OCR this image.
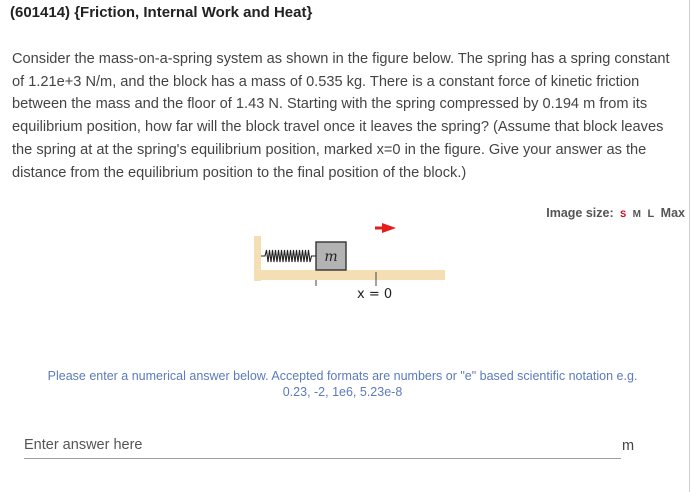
(601414) {Friction, Internal Work and Heat}

Consider the mass-on-a-spring system as shown in the figure below. The spring has a spring constant of 1.21e+3 N/m, and the block has a mass of 0.535 kg. There is a constant force of kinetic friction between the mass and the floor of 1.43 N. Starting with the spring compressed by 0.194 m from its equilibrium position, how far will the block travel once it leaves the spring? (Assume that block leaves the spring at at the spring's equilibrium position, marked x=0 in the figure. Give your answer as the distance from the equilibrium position to the final position of the block.)

Image size: S M L Max
m
x = 0
Please enter a numerical answer below. Accepted formats are numbers or "e" based scientific notation e.g. 0.23, -2, 1e6, 5.23e-8
Enter answer here
m
